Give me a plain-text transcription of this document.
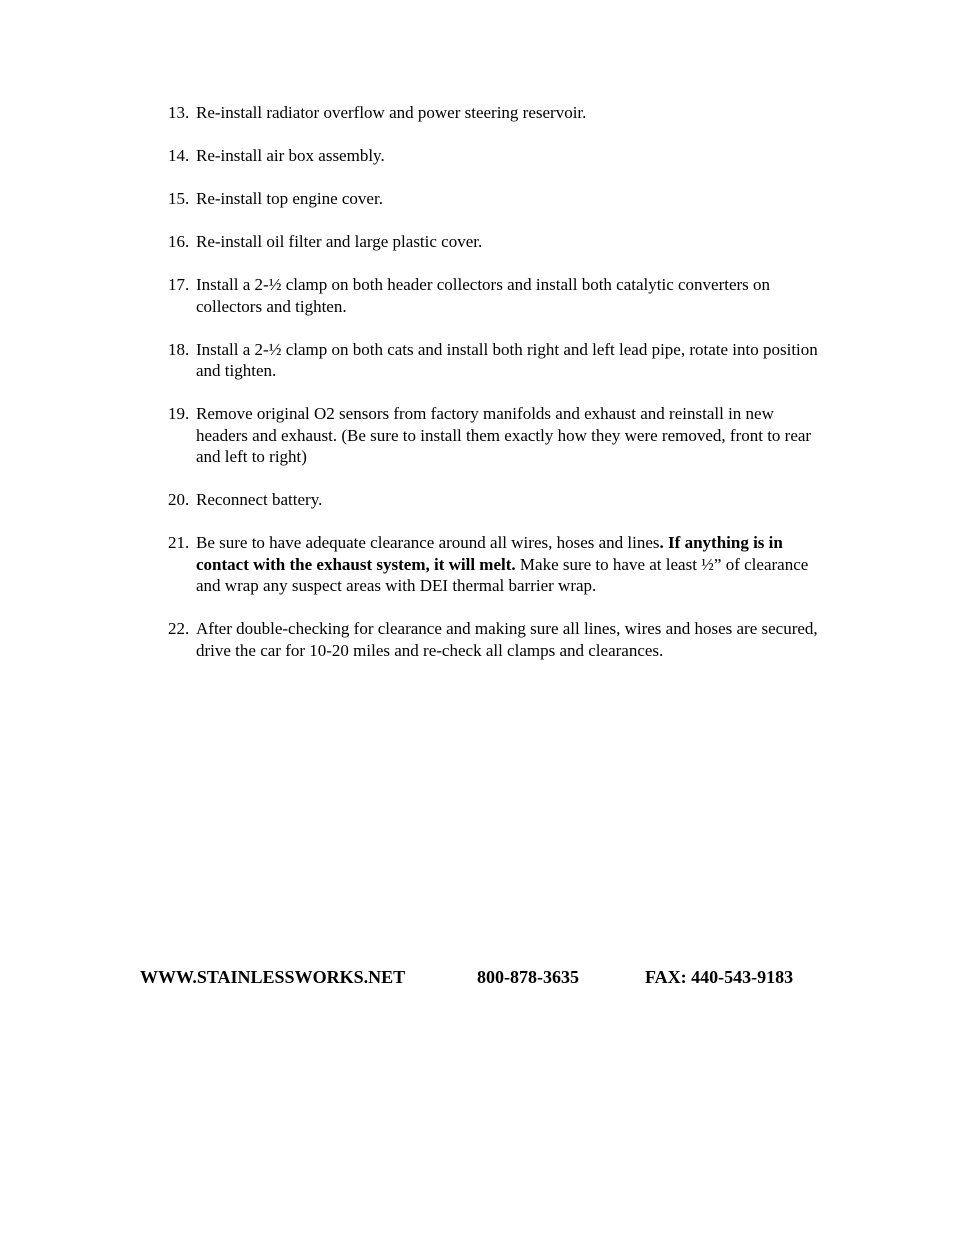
13. Re-install radiator overflow and power steering reservoir.
14. Re-install air box assembly.
15. Re-install top engine cover.
16. Re-install oil filter and large plastic cover.
17. Install a 2-½ clamp on both header collectors and install both catalytic converters on collectors and tighten.
18. Install a 2-½ clamp on both cats and install both right and left lead pipe, rotate into position and tighten.
19. Remove original O2 sensors from factory manifolds and exhaust and reinstall in new headers and exhaust. (Be sure to install them exactly how they were removed, front to rear and left to right)
20. Reconnect battery.
21. Be sure to have adequate clearance around all wires, hoses and lines. If anything is in contact with the exhaust system, it will melt. Make sure to have at least ½” of clearance and wrap any suspect areas with DEI thermal barrier wrap.
22. After double-checking for clearance and making sure all lines, wires and hoses are secured, drive the car for 10-20 miles and re-check all clamps and clearances.
WWW.STAINLESSWORKS.NET	800-878-3635	FAX: 440-543-9183
